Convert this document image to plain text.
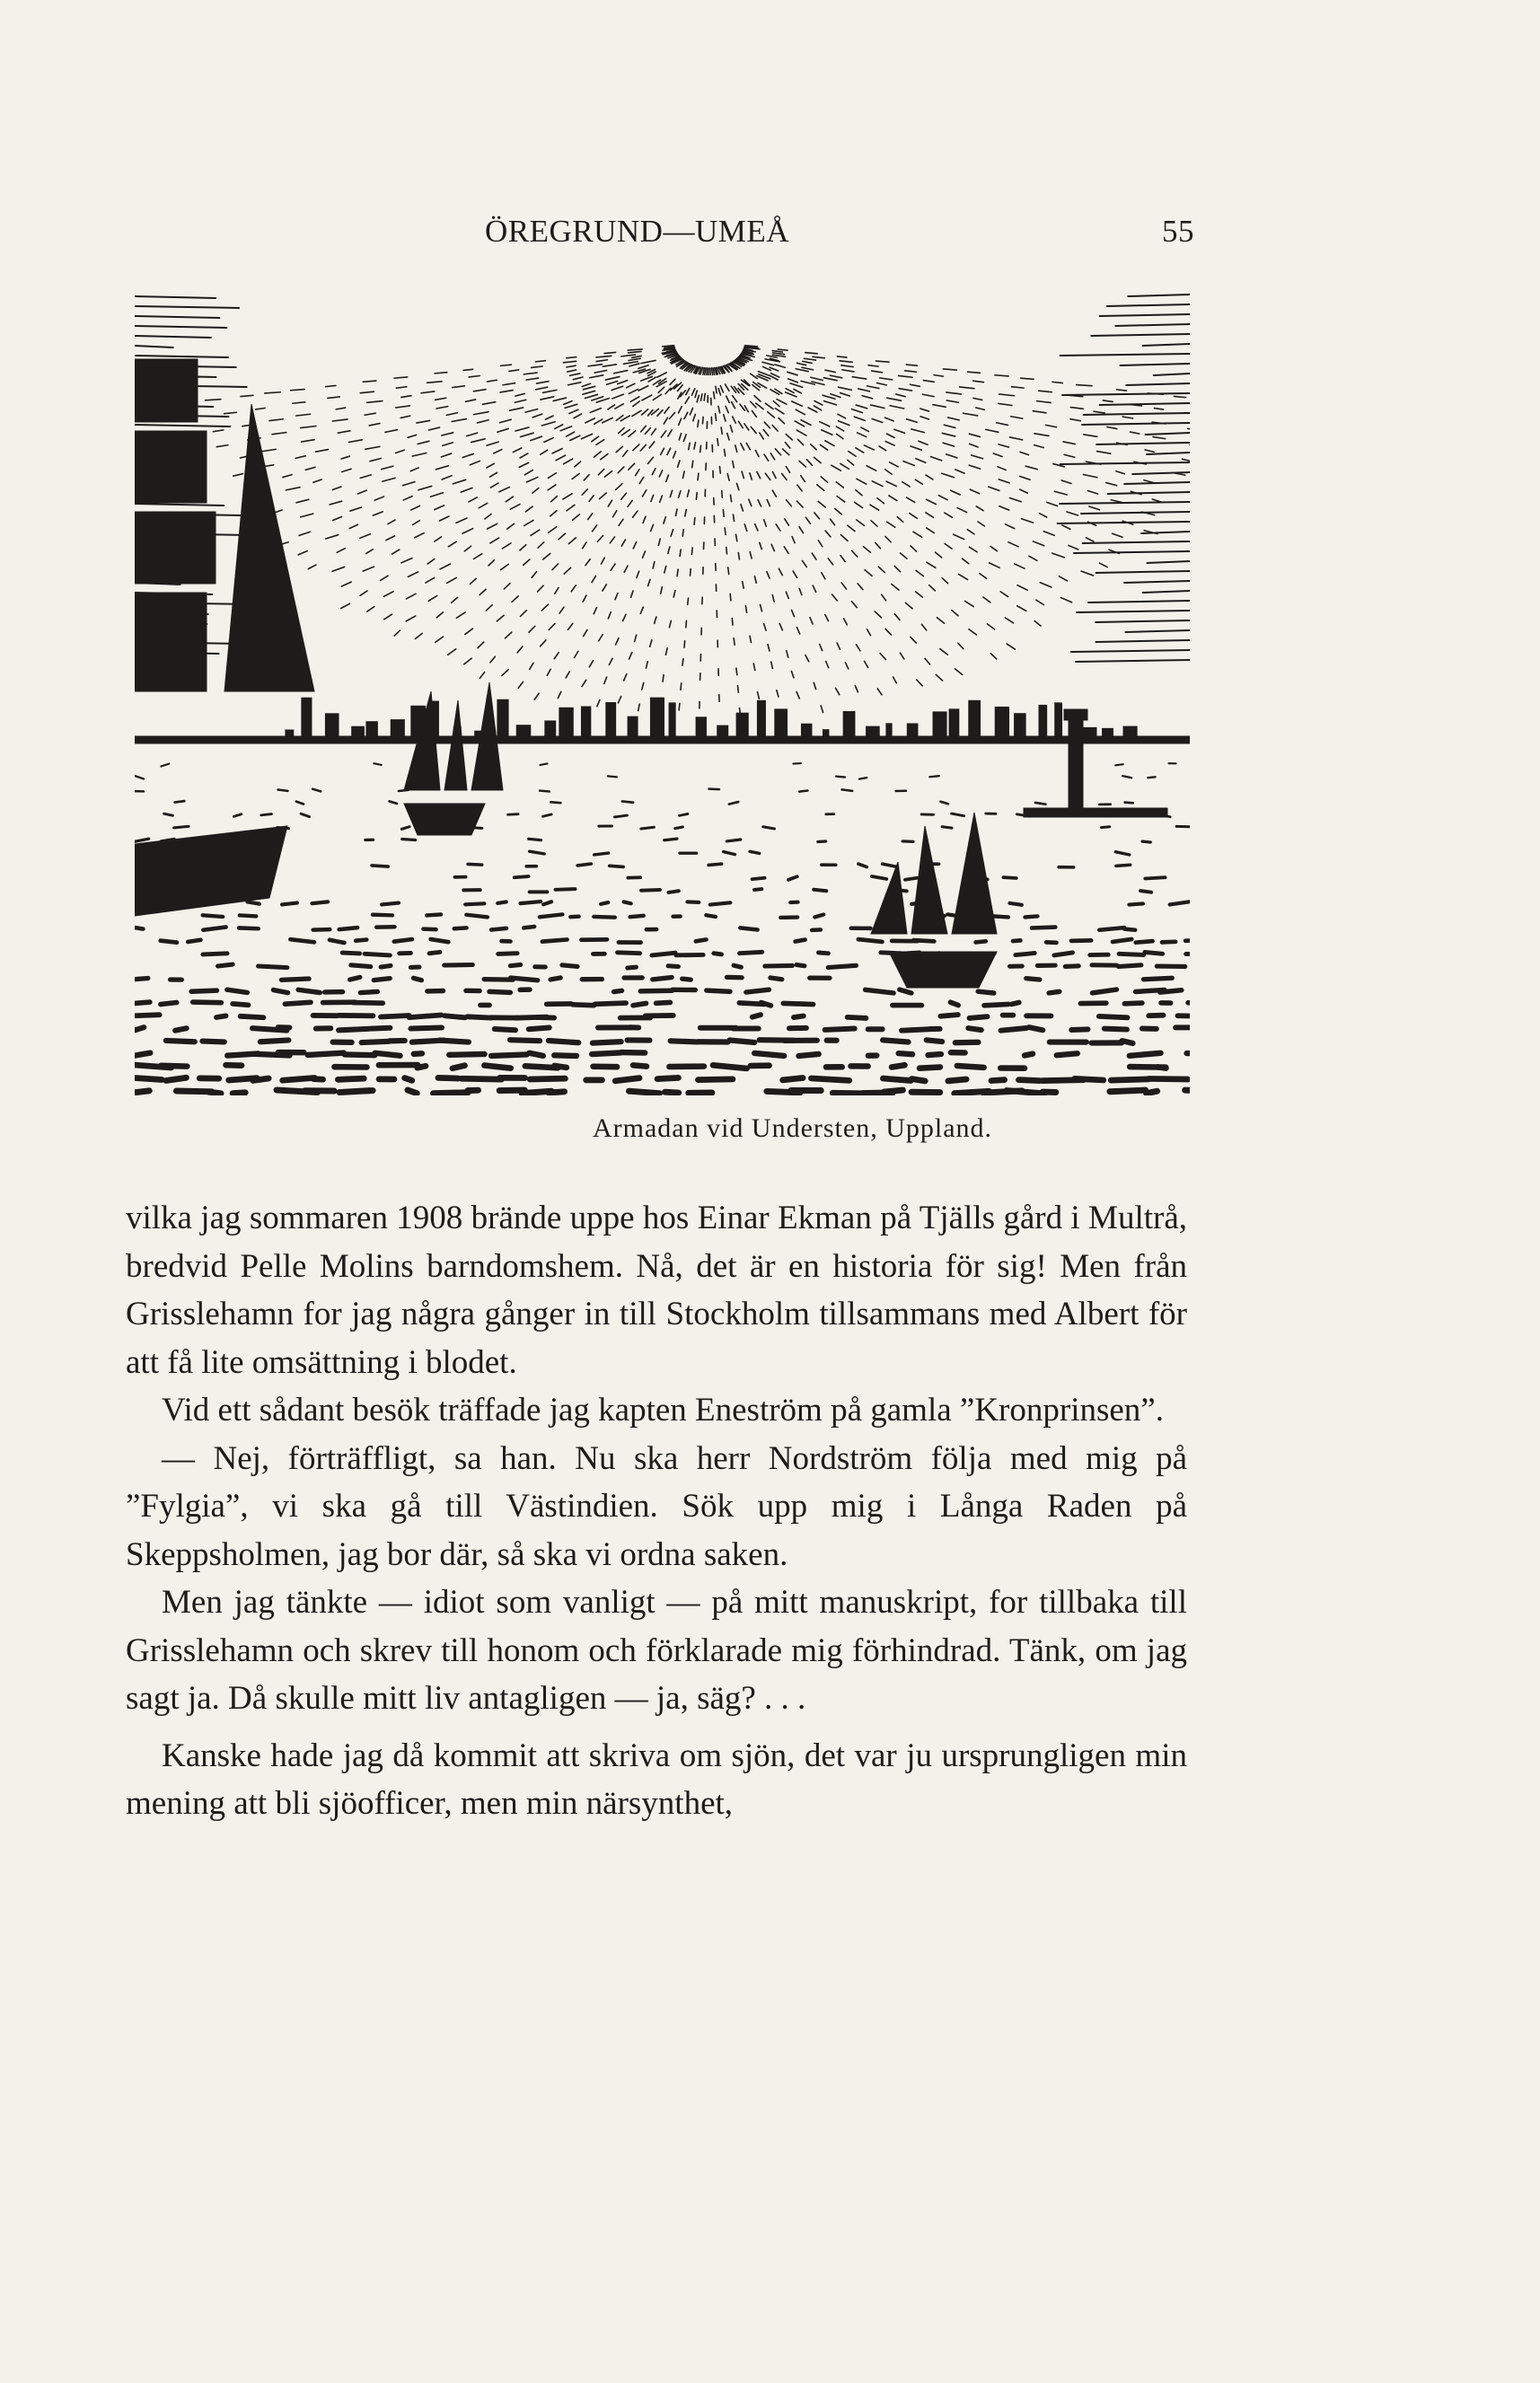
ÖREGRUND—UMEÅ	55
Armadan vid Understen, Uppland.

vilka jag sommaren 1908 brände uppe hos Einar Ekman på Tjälls gård i Multrå, bredvid Pelle Molins barndomshem. Nå, det är en historia för sig! Men från Grisslehamn for jag några gånger in till Stockholm tillsammans med Albert för att få lite omsättning i blodet.

Vid ett sådant besök träffade jag kapten Eneström på gamla ”Kronprinsen”.

— Nej, förträffligt, sa han. Nu ska herr Nordström följa med mig på ”Fylgia”, vi ska gå till Västindien. Sök upp mig i Långa Raden på Skeppsholmen, jag bor där, så ska vi ordna saken.

Men jag tänkte — idiot som vanligt — på mitt manuskript, for tillbaka till Grisslehamn och skrev till honom och förklarade mig förhindrad. Tänk, om jag sagt ja. Då skulle mitt liv antagligen — ja, säg? . . .

Kanske hade jag då kommit att skriva om sjön, det var ju ursprungligen min mening att bli sjöofficer, men min närsynthet,
